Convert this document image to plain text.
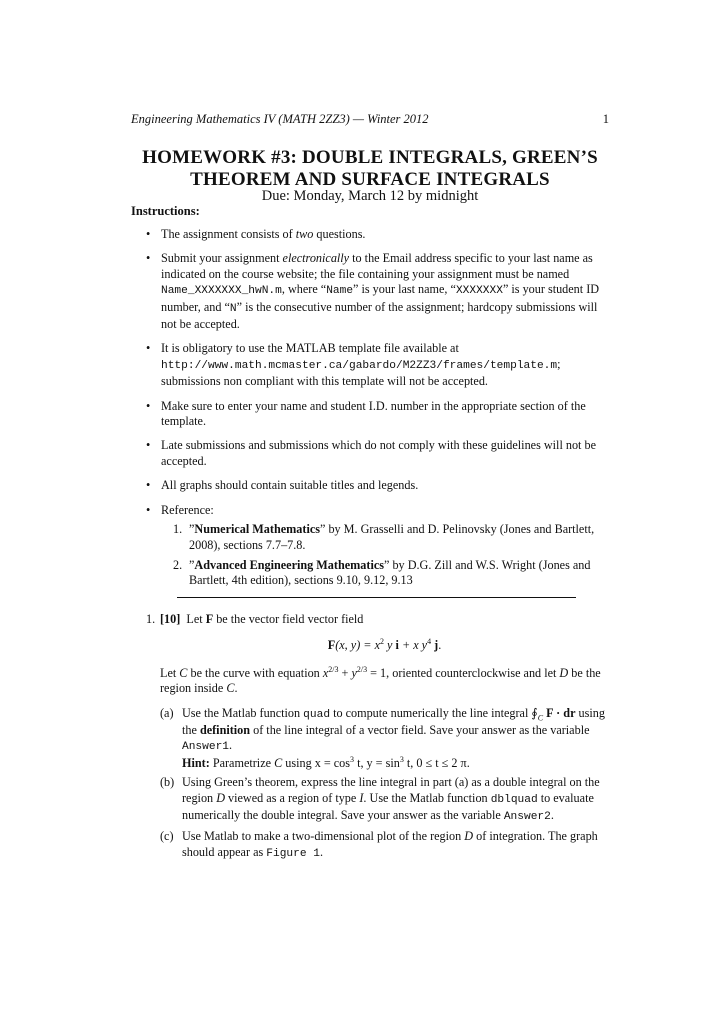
Engineering Mathematics IV (MATH 2ZZ3) — Winter 2012	1
HOMEWORK #3: DOUBLE INTEGRALS, GREEN’S
THEOREM AND SURFACE INTEGRALS
Due: Monday, March 12 by midnight
Instructions:
• The assignment consists of two questions.
• Submit your assignment electronically to the Email address specific to your last name as indicated on the course website; the file containing your assignment must be named Name_XXXXXXX_hwN.m, where “Name” is your last name, “XXXXXXX” is your student ID number, and “N” is the consecutive number of the assignment; hardcopy submissions will not be accepted.
• It is obligatory to use the MATLAB template file available at http://www.math.mcmaster.ca/gabardo/M2ZZ3/frames/template.m; submissions non compliant with this template will not be accepted.
• Make sure to enter your name and student I.D. number in the appropriate section of the template.
• Late submissions and submissions which do not comply with these guidelines will not be accepted.
• All graphs should contain suitable titles and legends.
• Reference:
1. ”Numerical Mathematics” by M. Grasselli and D. Pelinovsky (Jones and Bartlett, 2008), sections 7.7–7.8.
2. ”Advanced Engineering Mathematics” by D.G. Zill and W.S. Wright (Jones and Bartlett, 4th edition), sections 9.10, 9.12, 9.13
1. [10] Let F be the vector field vector field
F(x, $y) = x^2$ y i + x $y^4$ j.
Let C be the curve with equation $x^{2/3} + y^{2/3} = 1$, oriented counterclockwise and let D be the region inside C.
(a) Use the Matlab function quad to compute numerically the line integral $∮_C$ F · dr using the definition of the line integral of a vector field. Save your answer as the variable Answer1.
Hint: Parametrize C using $x = \cos^3 t$, $y = \sin^3 t$, 0 ≤ t ≤ 2 π.
(b) Using Green’s theorem, express the line integral in part (a) as a double integral on the region D viewed as a region of type I. Use the Matlab function dblquad to evaluate numerically the double integral. Save your answer as the variable Answer2.
(c) Use Matlab to make a two-dimensional plot of the region D of integration. The graph should appear as Figure 1.
